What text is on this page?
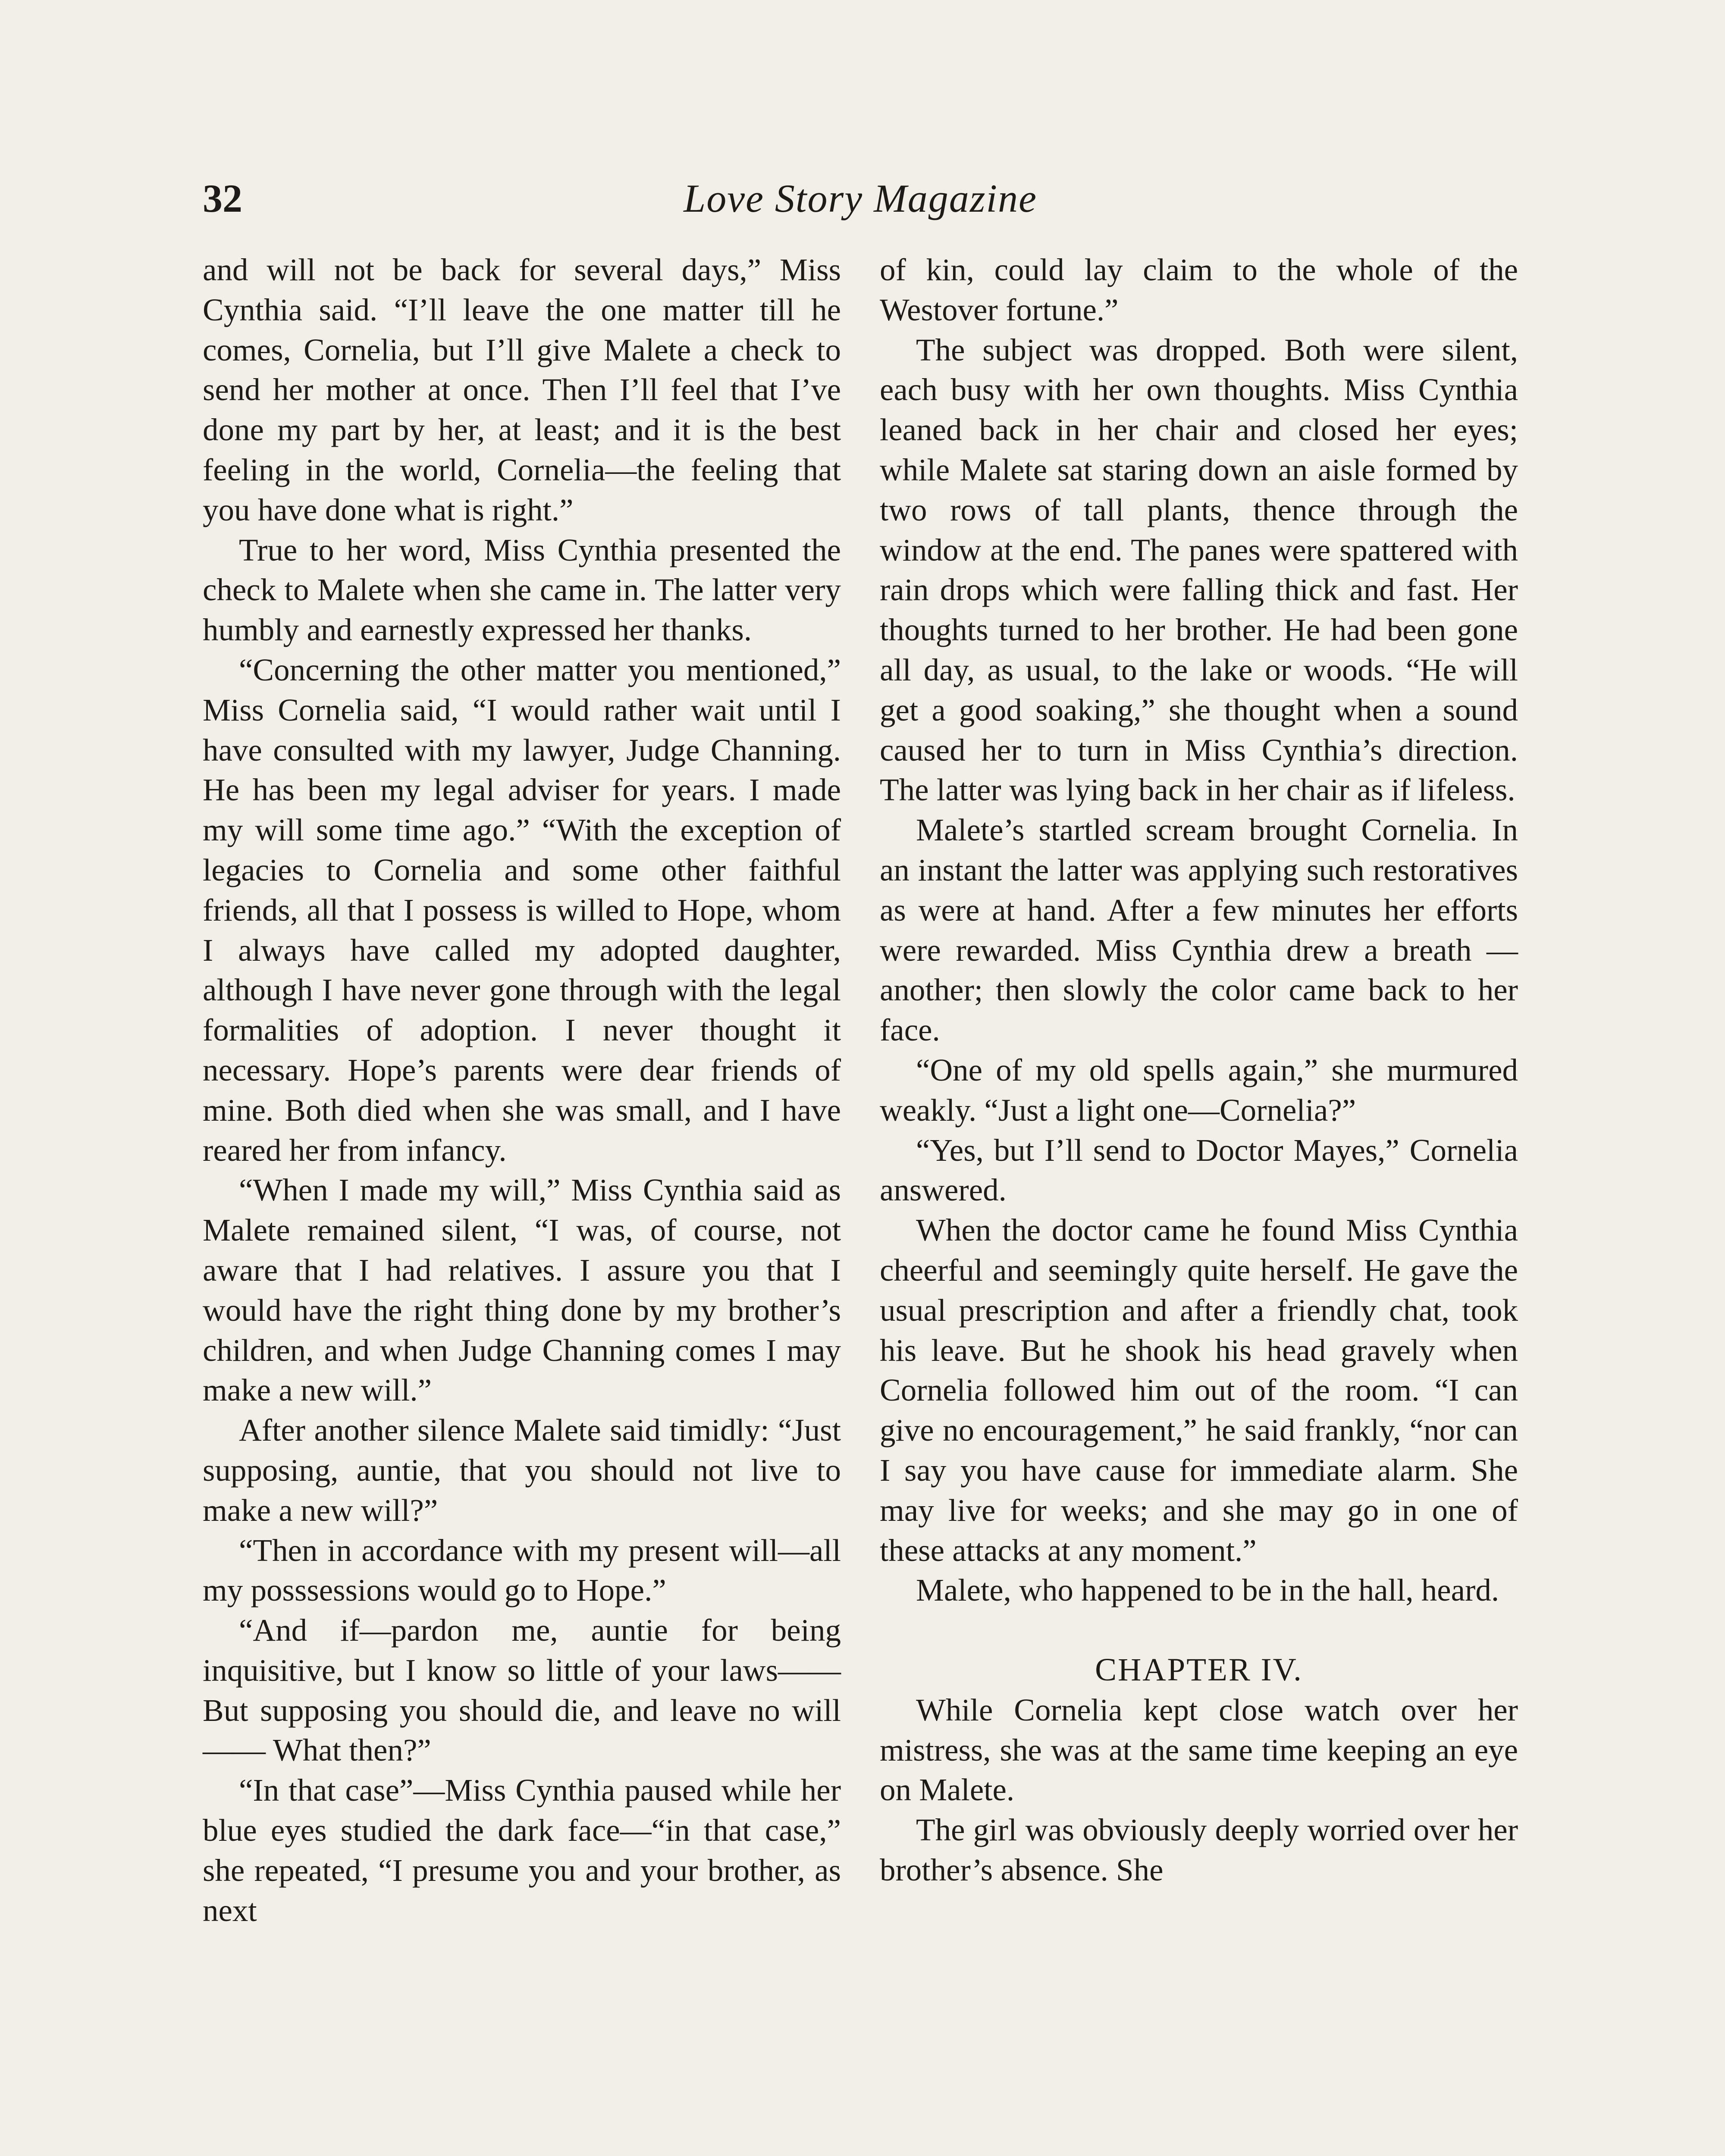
32	Love Story Magazine

and will not be back for several days,” Miss Cynthia said. “I’ll leave the one matter till he comes, Cornelia, but I’ll give Malete a check to send her mother at once. Then I’ll feel that I’ve done my part by her, at least; and it is the best feeling in the world, Cornelia—the feeling that you have done what is right.”

True to her word, Miss Cynthia presented the check to Malete when she came in. The latter very humbly and earnestly expressed her thanks.

“Concerning the other matter you mentioned,” Miss Cornelia said, “I would rather wait until I have consulted with my lawyer, Judge Channing. He has been my legal adviser for years. I made my will some time ago.” “With the exception of legacies to Cornelia and some other faithful friends, all that I possess is willed to Hope, whom I always have called my adopted daughter, although I have never gone through with the legal formalities of adoption. I never thought it necessary. Hope’s parents were dear friends of mine. Both died when she was small, and I have reared her from infancy.

“When I made my will,” Miss Cynthia said as Malete remained silent, “I was, of course, not aware that I had relatives. I assure you that I would have the right thing done by my brother’s children, and when Judge Channing comes I may make a new will.”

After another silence Malete said timidly: “Just supposing, auntie, that you should not live to make a new will?”

“Then in accordance with my present will—all my posssessions would go to Hope.”

“And if—pardon me, auntie for being inquisitive, but I know so little of your laws—— But supposing you should die, and leave no will—— What then?”

“In that case”—Miss Cynthia paused while her blue eyes studied the dark face—“in that case,” she repeated, “I presume you and your brother, as next

of kin, could lay claim to the whole of the Westover fortune.”

The subject was dropped. Both were silent, each busy with her own thoughts. Miss Cynthia leaned back in her chair and closed her eyes; while Malete sat staring down an aisle formed by two rows of tall plants, thence through the window at the end. The panes were spattered with rain drops which were falling thick and fast. Her thoughts turned to her brother. He had been gone all day, as usual, to the lake or woods. “He will get a good soaking,” she thought when a sound caused her to turn in Miss Cynthia’s direction. The latter was lying back in her chair as if lifeless.

Malete’s startled scream brought Cornelia. In an instant the latter was applying such restoratives as were at hand. After a few minutes her efforts were rewarded. Miss Cynthia drew a breath —another; then slowly the color came back to her face.

“One of my old spells again,” she murmured weakly. “Just a light one—Cornelia?”

“Yes, but I’ll send to Doctor Mayes,” Cornelia answered.

When the doctor came he found Miss Cynthia cheerful and seemingly quite herself. He gave the usual prescription and after a friendly chat, took his leave. But he shook his head gravely when Cornelia followed him out of the room. “I can give no encouragement,” he said frankly, “nor can I say you have cause for immediate alarm. She may live for weeks; and she may go in one of these attacks at any moment.”

Malete, who happened to be in the hall, heard.

CHAPTER IV.

While Cornelia kept close watch over her mistress, she was at the same time keeping an eye on Malete.

The girl was obviously deeply worried over her brother’s absence. She
